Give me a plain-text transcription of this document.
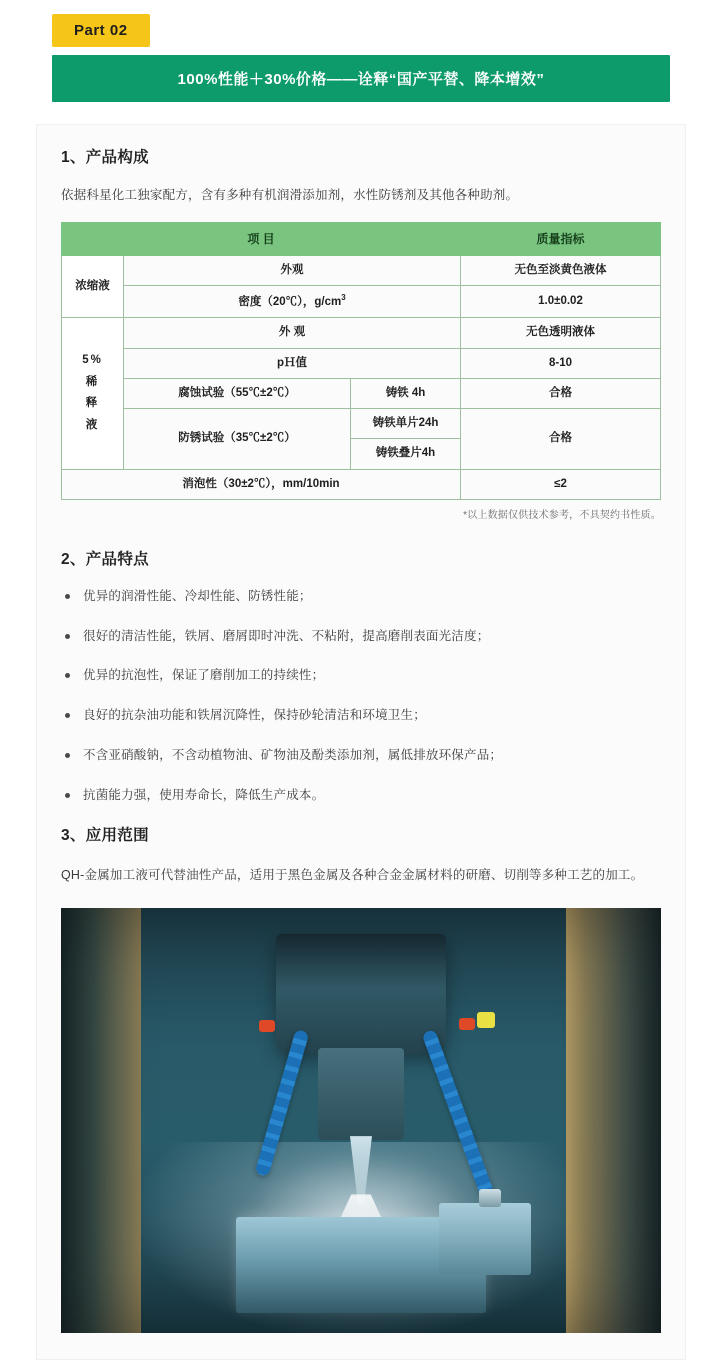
Part 02
100%性能＋30%价格——诠释“国产平替、降本增效”
1、产品构成

依据科星化工独家配方，含有多种有机润滑添加剂，水性防锈剂及其他各种助剂。

项 目			质量指标
浓缩液	外观		无色至淡黄色液体
	密度（20℃），$g/cm^3$		1.0±0.02

5%
稀
释
液	外 观		无色透明液体
	pＨ值		8-10
	腐蚀试验（55℃±2℃）	铸铁 4h	合格
	防锈试验（35℃±2℃）	铸铁单片24h	合格
		铸铁叠片4h	
消泡性（30±2℃），mm/10min			≤2
*以上数据仅供技术参考，不具契约书性质。
2、产品特点
优异的润滑性能、冷却性能、防锈性能；
很好的清洁性能，铁屑、磨屑即时冲洗、不粘附，提高磨削表面光洁度；
优异的抗泡性，保证了磨削加工的持续性；
良好的抗杂油功能和铁屑沉降性，保持砂轮清洁和环境卫生；
不含亚硝酸钠，不含动植物油、矿物油及酚类添加剂，属低排放环保产品；
抗菌能力强，使用寿命长，降低生产成本。
3、应用范围

QH-金属加工液可代替油性产品，适用于黑色金属及各种合金金属材料的研磨、切削等多种工艺的加工。
